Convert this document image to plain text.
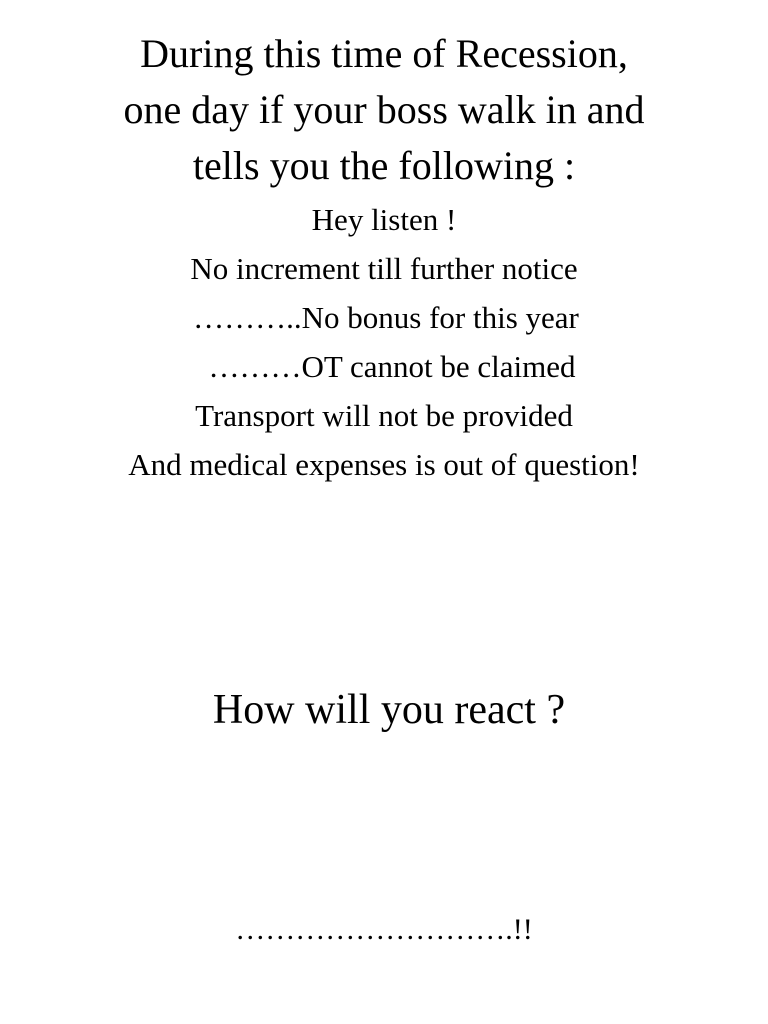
During this time of Recession,
one day if your boss walk in and
tells you the following :
Hey listen !
No increment till further notice
………..No bonus for this year
………OT cannot be claimed
Transport will not be provided
And medical expenses is out of question!
How will you react ?
……………………….!!
